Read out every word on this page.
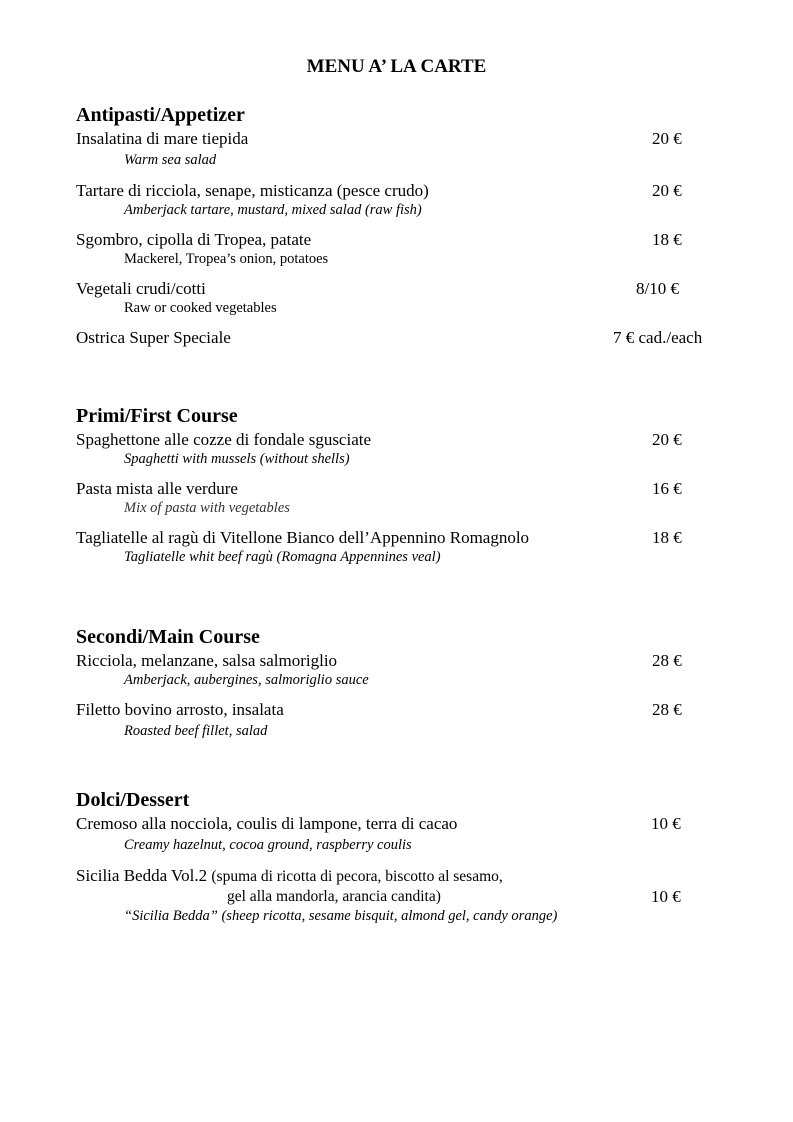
MENU A’ LA CARTE
Antipasti/Appetizer
Insalatina di mare tiepida	20 €
Warm sea salad
Tartare di ricciola, senape, misticanza (pesce crudo)	20 €
Amberjack tartare, mustard, mixed salad (raw fish)
Sgombro, cipolla di Tropea, patate	18 €
Mackerel, Tropea’s onion, potatoes
Vegetali crudi/cotti	8/10 €
Raw or cooked vegetables
Ostrica Super Speciale	7 € cad./each
Primi/First Course
Spaghettone alle cozze di fondale sgusciate	20 €
Spaghetti with mussels (without shells)
Pasta mista alle verdure	16 €
Mix of pasta with vegetables
Tagliatelle al ragù di Vitellone Bianco dell’Appennino Romagnolo	18 €
Tagliatelle whit beef ragù (Romagna Appennines veal)
Secondi/Main Course
Ricciola, melanzane, salsa salmoriglio	28 €
Amberjack, aubergines, salmoriglio sauce
Filetto bovino arrosto, insalata	28 €
Roasted beef fillet, salad
Dolci/Dessert
Cremoso alla nocciola, coulis di lampone, terra di cacao	10 €
Creamy hazelnut, cocoa ground, raspberry coulis
Sicilia Bedda Vol.2 (spuma di ricotta di pecora, biscotto al sesamo,
gel alla mandorla, arancia candita)	10 €
“Sicilia Bedda” (sheep ricotta, sesame bisquit, almond gel, candy orange)
